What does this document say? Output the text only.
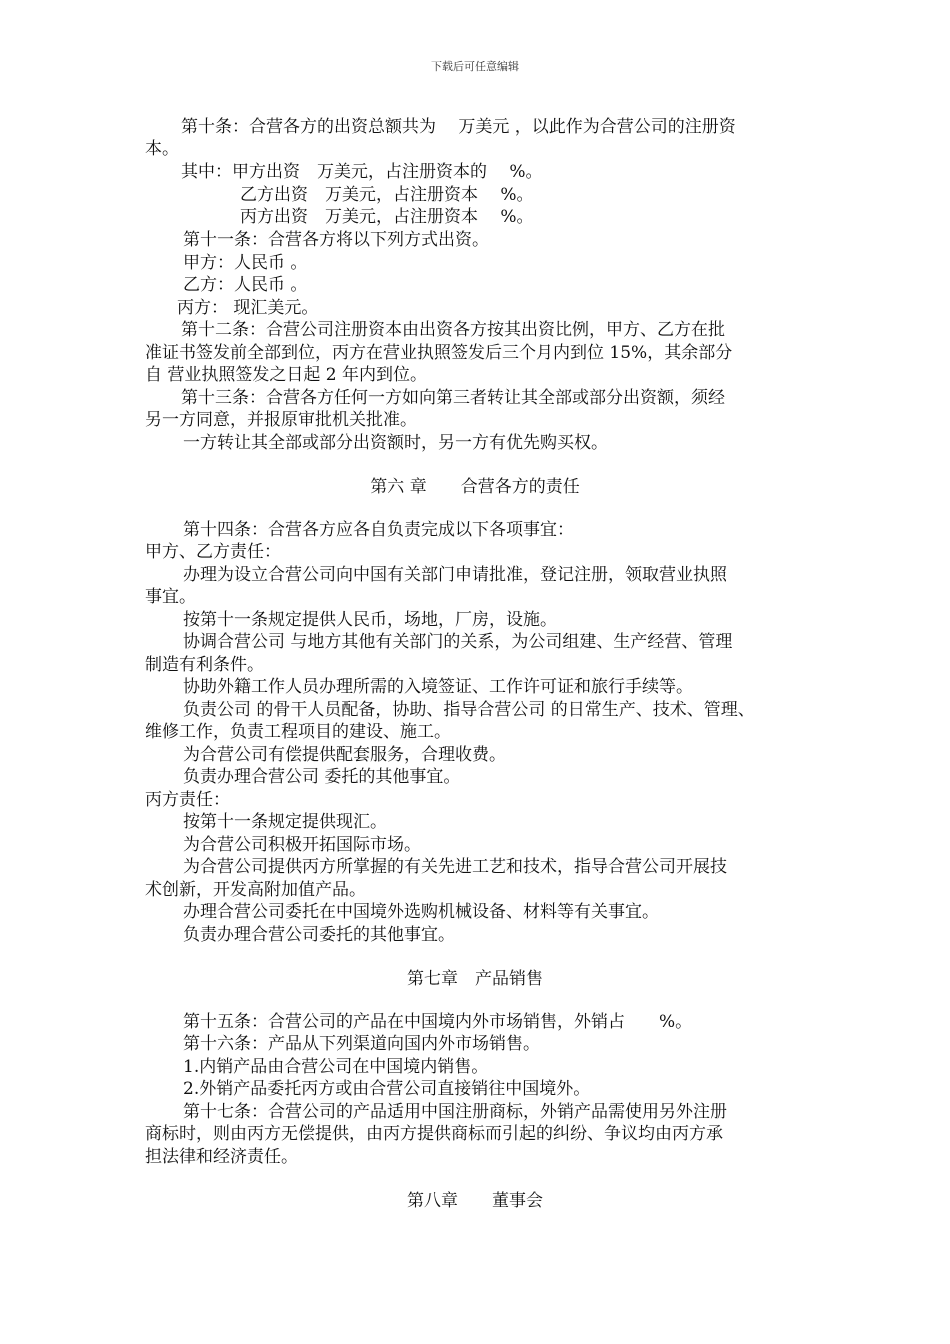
下载后可任意编辑
第十条：合营各方的出资总额共为　 万美元 ，以此作为合营公司的注册资
本。
其中：甲方出资　万美元，占注册资本的　 %。
乙方出资　万美元，占注册资本　 %。
丙方出资　万美元，占注册资本　 %。
第十一条：合营各方将以下列方式出资。
甲方：人民币 。
乙方：人民币 。
丙方： 现汇美元。
第十二条：合营公司注册资本由出资各方按其出资比例，甲方、乙方在批
准证书签发前全部到位，丙方在营业执照签发后三个月内到位 15%，其余部分
自 营业执照签发之日起 2 年内到位。
第十三条：合营各方任何一方如向第三者转让其全部或部分出资额，须经
另一方同意，并报原审批机关批准。
一方转让其全部或部分出资额时，另一方有优先购买权。
第六 章　　合营各方的责任
第十四条：合营各方应各自负责完成以下各项事宜：
甲方、乙方责任：
办理为设立合营公司向中国有关部门申请批准，登记注册，领取营业执照
事宜。
按第十一条规定提供人民币，场地，厂房，设施。
协调合营公司 与地方其他有关部门的关系，为公司组建、生产经营、管理
制造有利条件。
协助外籍工作人员办理所需的入境签证、工作许可证和旅行手续等。
负责公司 的骨干人员配备，协助、指导合营公司 的日常生产、技术、管理、
维修工作，负责工程项目的建设、施工。
为合营公司有偿提供配套服务，合理收费。
负责办理合营公司 委托的其他事宜。
丙方责任：
按第十一条规定提供现汇。
为合营公司积极开拓国际市场。
为合营公司提供丙方所掌握的有关先进工艺和技术，指导合营公司开展技
术创新，开发高附加值产品。
办理合营公司委托在中国境外选购机械设备、材料等有关事宜。
负责办理合营公司委托的其他事宜。
第七章　产品销售
第十五条：合营公司的产品在中国境内外市场销售，外销占　　%。
第十六条：产品从下列渠道向国内外市场销售。
1.内销产品由合营公司在中国境内销售。
2.外销产品委托丙方或由合营公司直接销往中国境外。
第十七条：合营公司的产品适用中国注册商标，外销产品需使用另外注册
商标时，则由丙方无偿提供，由丙方提供商标而引起的纠纷、争议均由丙方承
担法律和经济责任。
第八章　　董事会
